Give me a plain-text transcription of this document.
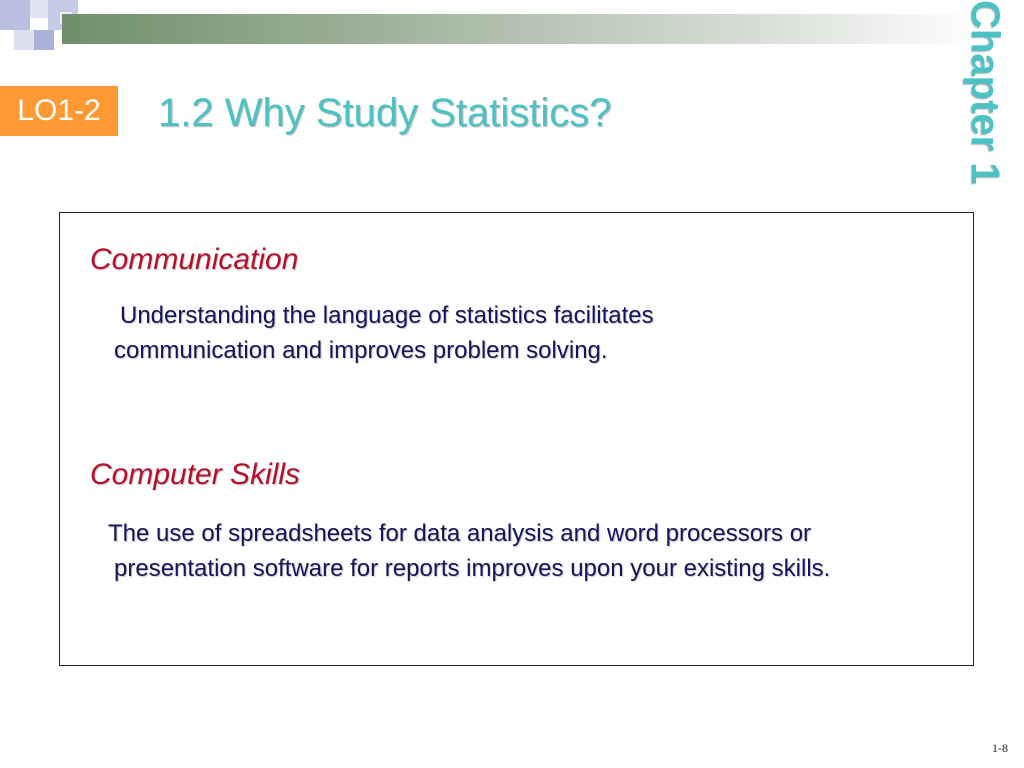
Chapter 1
LO1-2	1.2 Why Study Statistics?
Communication
Understanding the language of statistics facilitates
communication and improves problem solving.
Computer Skills
The use of spreadsheets for data analysis and word processors or
presentation software for reports improves upon your existing skills.
1-8
